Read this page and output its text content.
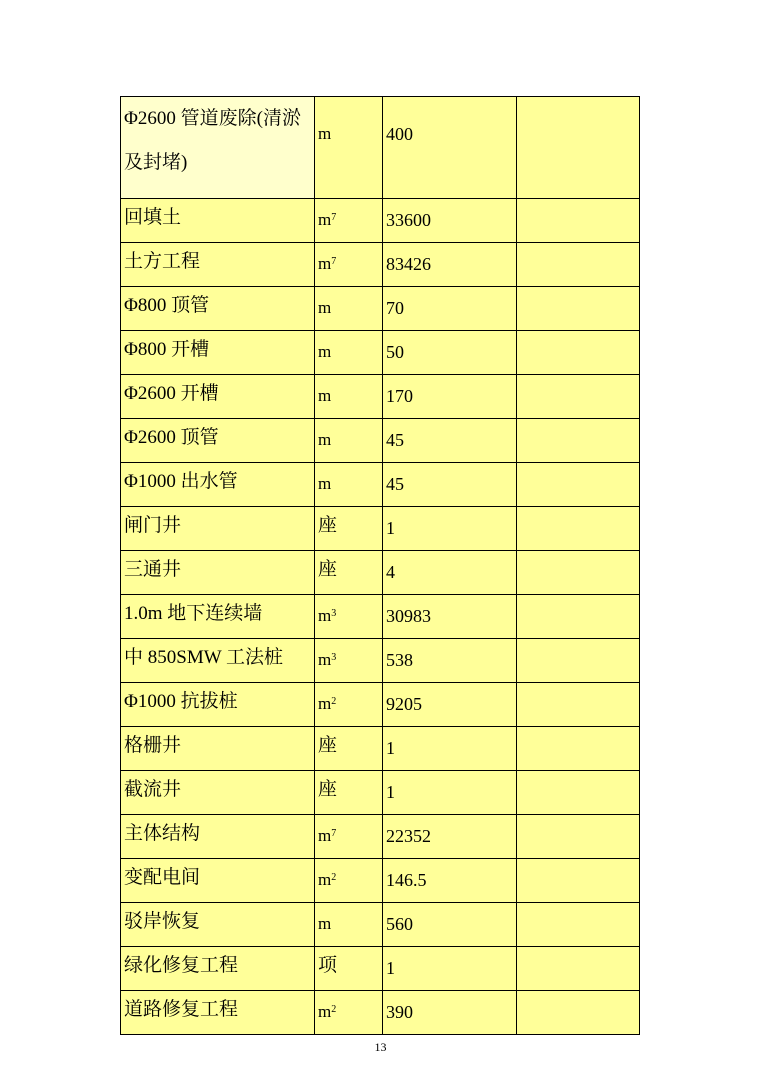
Φ2600 管道废除(清淤及封堵)	m	400	
回填土	$m^7$	33600	
土方工程	$m^7$	83426	
Φ800 顶管	m	70	
Φ800 开槽	m	50	
Φ2600 开槽	m	170	
Φ2600 顶管	m	45	
Φ1000 出水管	m	45	
闸门井	座	1	
三通井	座	4	
1.0m 地下连续墙	$m^3$	30983	
中 850SMW 工法桩	$m^3$	538	
Φ1000 抗拔桩	$m^2$	9205	
格栅井	座	1	
截流井	座	1	
主体结构	$m^7$	22352	
变配电间	$m^2$	146.5	
驳岸恢复	m	560	
绿化修复工程	项	1	
道路修复工程	$m^2$	390	
13
